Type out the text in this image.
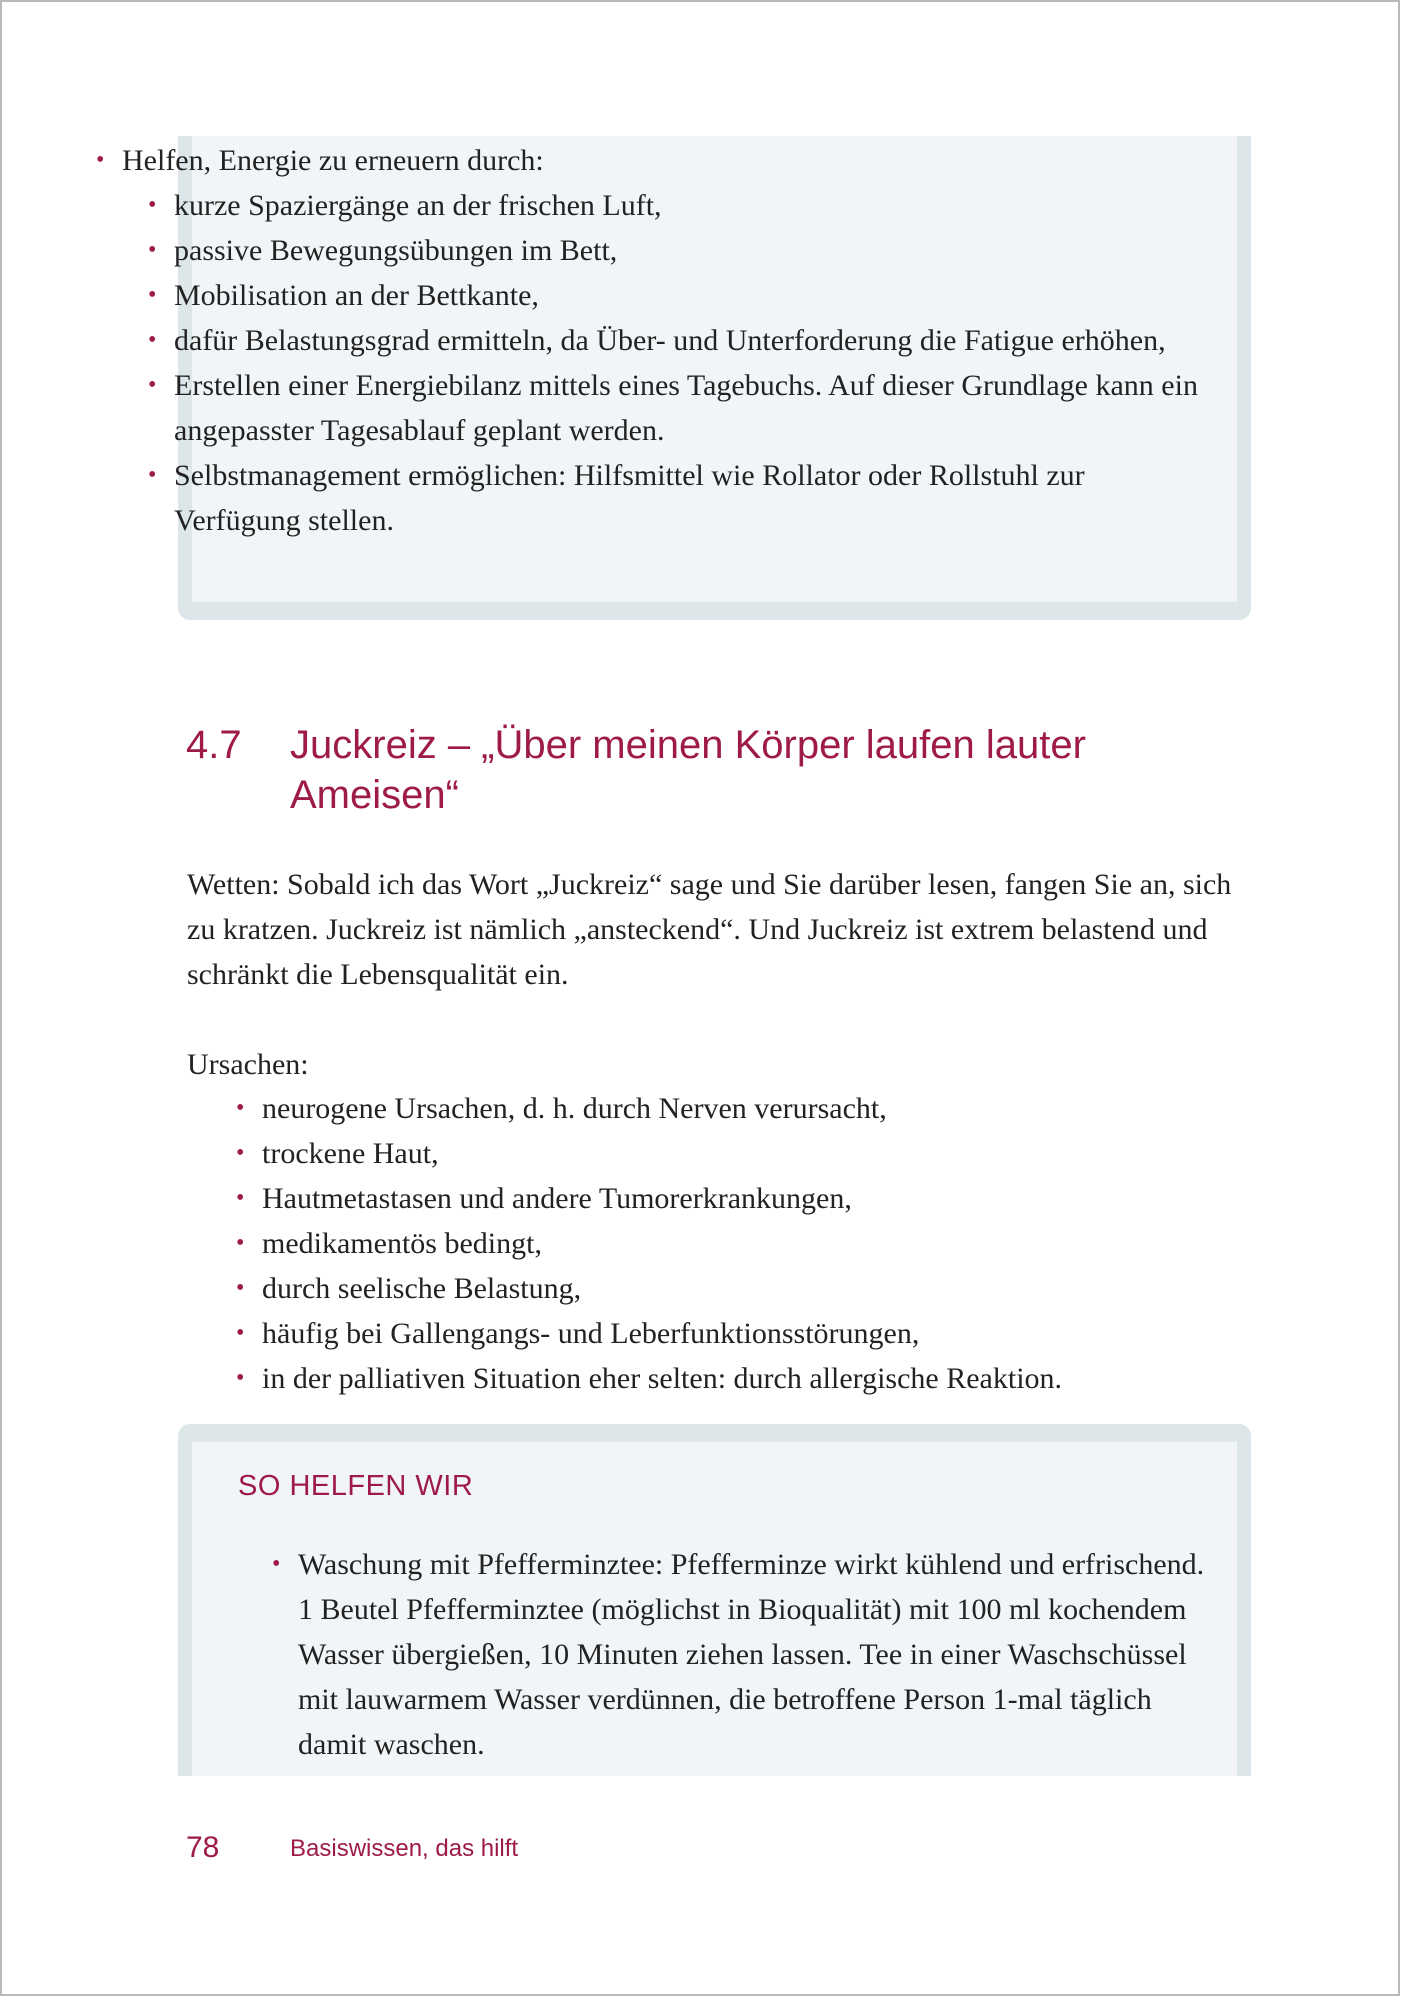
• Helfen, Energie zu erneuern durch:
• kurze Spaziergänge an der frischen Luft,
• passive Bewegungsübungen im Bett,
• Mobilisation an der Bettkante,
• dafür Belastungsgrad ermitteln, da Über- und Unterforderung die Fatigue erhöhen,
• Erstellen einer Energiebilanz mittels eines Tagebuchs. Auf dieser Grundlage kann ein angepasster Tagesablauf geplant werden.
• Selbstmanagement ermöglichen: Hilfsmittel wie Rollator oder Rollstuhl zur Verfügung stellen.
4.7 Juckreiz – „Über meinen Körper laufen lauter Ameisen“

Wetten: Sobald ich das Wort „Juckreiz“ sage und Sie darüber lesen, fangen Sie an, sich zu kratzen. Juckreiz ist nämlich „ansteckend“. Und Juckreiz ist extrem belastend und schränkt die Lebensqualität ein.

Ursachen:
• neurogene Ursachen, d. h. durch Nerven verursacht,
• trockene Haut,
• Hautmetastasen und andere Tumorerkrankungen,
• medikamentös bedingt,
• durch seelische Belastung,
• häufig bei Gallengangs- und Leberfunktionsstörungen,
• in der palliativen Situation eher selten: durch allergische Reaktion.
SO HELFEN WIR
• Waschung mit Pfefferminztee: Pfefferminze wirkt kühlend und erfrischend. 1 Beutel Pfefferminztee (möglichst in Bioqualität) mit 100 ml kochendem Wasser übergießen, 10 Minuten ziehen lassen. Tee in einer Waschschüssel mit lauwarmem Wasser verdünnen, die betroffene Person 1-mal täglich damit waschen.
78	Basiswissen, das hilft
